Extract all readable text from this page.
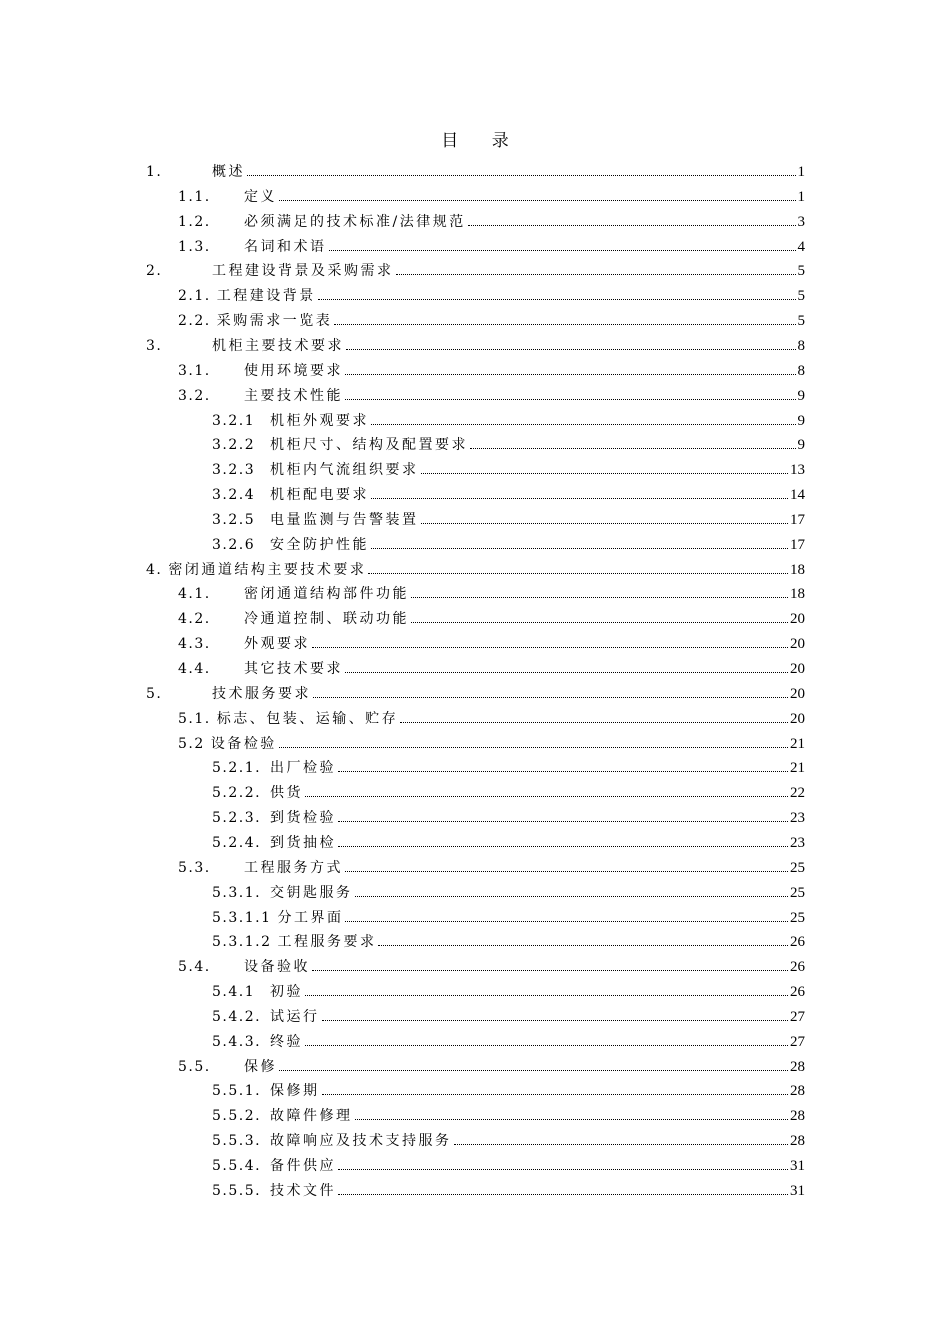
目 录
1.	概述	1
1.1.	定义	1
1.2.	必须满足的技术标准/法律规范	3
1.3.	名词和术语	4
2.	工程建设背景及采购需求	5
2.1. 工程建设背景	5
2.2. 采购需求一览表	5
3.	机柜主要技术要求	8
3.1.	使用环境要求	8
3.2.	主要技术性能	9
3.2.1	机柜外观要求	9
3.2.2	机柜尺寸、结构及配置要求	9
3.2.3	机柜内气流组织要求	13
3.2.4	机柜配电要求	14
3.2.5	电量监测与告警装置	17
3.2.6	安全防护性能	17
4. 密闭通道结构主要技术要求	18
4.1.	密闭通道结构部件功能	18
4.2.	冷通道控制、联动功能	20
4.3.	外观要求	20
4.4.	其它技术要求	20
5.	技术服务要求	20
5.1. 标志、包装、运输、贮存	20
5.2 设备检验	21
5.2.1. 出厂检验	21
5.2.2. 供货	22
5.2.3. 到货检验	23
5.2.4. 到货抽检	23
5.3.	工程服务方式	25
5.3.1. 交钥匙服务	25
5.3.1.1 分工界面	25
5.3.1.2 工程服务要求	26
5.4.	设备验收	26
5.4.1	初验	26
5.4.2. 试运行	27
5.4.3. 终验	27
5.5.	保修	28
5.5.1. 保修期	28
5.5.2. 故障件修理	28
5.5.3. 故障响应及技术支持服务	28
5.5.4. 备件供应	31
5.5.5. 技术文件	31
